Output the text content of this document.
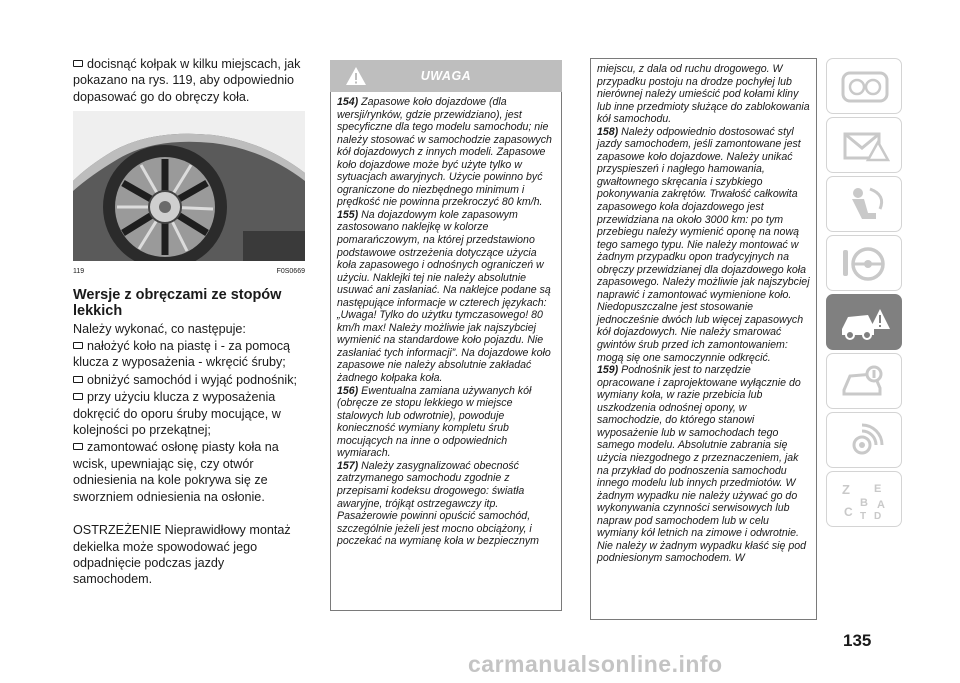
docisnąć kołpak w kilku miejscach, jak pokazano na rys. 119, aby odpowiednio dopasować go do obręczy koła.

119	F0S0669
Wersje z obręczami ze stopów lekkich

Należy wykonać, co następuje:

nałożyć koło na piastę i - za pomocą klucza z wyposażenia - wkręcić śruby;

obniżyć samochód i wyjąć podnośnik;

przy użyciu klucza z wyposażenia dokręcić do oporu śruby mocujące, w kolejności po przekątnej;

zamontować osłonę piasty koła na wcisk, upewniając się, czy otwór odniesienia na kole pokrywa się ze sworzniem odniesienia na osłonie.

OSTRZEŻENIE Nieprawidłowy montaż dekielka może spowodować jego odpadnięcie podczas jazdy samochodem.

UWAGA

154) Zapasowe koło dojazdowe (dla wersji/rynków, gdzie przewidziano), jest specyficzne dla tego modelu samochodu; nie należy stosować w samochodzie zapasowych kół dojazdowych z innych modeli. Zapasowe koło dojazdowe może być użyte tylko w sytuacjach awaryjnych. Użycie powinno być ograniczone do niezbędnego minimum i prędkość nie powinna przekroczyć 80 km/h.

155) Na dojazdowym kole zapasowym zastosowano naklejkę w kolorze pomarańczowym, na której przedstawiono podstawowe ostrzeżenia dotyczące użycia koła zapasowego i odnośnych ograniczeń w użyciu. Naklejki tej nie należy absolutnie usuwać ani zasłaniać. Na naklejce podane są następujące informacje w czterech językach: „Uwaga! Tylko do użytku tymczasowego! 80 km/h max! Należy możliwie jak najszybciej wymienić na standardowe koło pojazdu. Nie zasłaniać tych informacji”. Na dojazdowe koło zapasowe nie należy absolutnie zakładać żadnego kołpaka koła.

156) Ewentualna zamiana używanych kół (obręcze ze stopu lekkiego w miejsce stalowych lub odwrotnie), powoduje konieczność wymiany kompletu śrub mocujących na inne o odpowiednich wymiarach.

157) Należy zasygnalizować obecność zatrzymanego samochodu zgodnie z przepisami kodeksu drogowego: światła awaryjne, trójkąt ostrzegawczy itp. Pasażerowie powinni opuścić samochód, szczególnie jeżeli jest mocno obciążony, i poczekać na wymianę koła w bezpiecznym

miejscu, z dala od ruchu drogowego. W przypadku postoju na drodze pochyłej lub nierównej należy umieścić pod kołami kliny lub inne przedmioty służące do zablokowania kół samochodu.

158) Należy odpowiednio dostosować styl jazdy samochodem, jeśli zamontowane jest zapasowe koło dojazdowe. Należy unikać przyspieszeń i nagłego hamowania, gwałtownego skręcania i szybkiego pokonywania zakrętów. Trwałość całkowita zapasowego koła dojazdowego jest przewidziana na około 3000 km: po tym przebiegu należy wymienić oponę na nową tego samego typu. Nie należy montować w żadnym przypadku opon tradycyjnych na obręczy przewidzianej dla dojazdowego koła zapasowego. Należy możliwie jak najszybciej naprawić i zamontować wymienione koło. Niedopuszczalne jest stosowanie jednocześnie dwóch lub więcej zapasowych kół dojazdowych. Nie należy smarować gwintów śrub przed ich zamontowaniem: mogą się one samoczynnie odkręcić.

159) Podnośnik jest to narzędzie opracowane i zaprojektowane wyłącznie do wymiany koła, w razie przebicia lub uszkodzenia odnośnej opony, w samochodzie, do którego stanowi wyposażenie lub w samochodach tego samego modelu. Absolutnie zabrania się użycia niezgodnego z przeznaczeniem, jak na przykład do podnoszenia samochodu innego modelu lub innych przedmiotów. W żadnym wypadku nie należy używać go do wykonywania czynności serwisowych lub napraw pod samochodem lub w celu wymiany kół letnich na zimowe i odwrotnie. Nie należy w żadnym wypadku kłaść się pod podniesionym samochodem. W

Z E
B A
C T D
135
carmanualsonline.info
